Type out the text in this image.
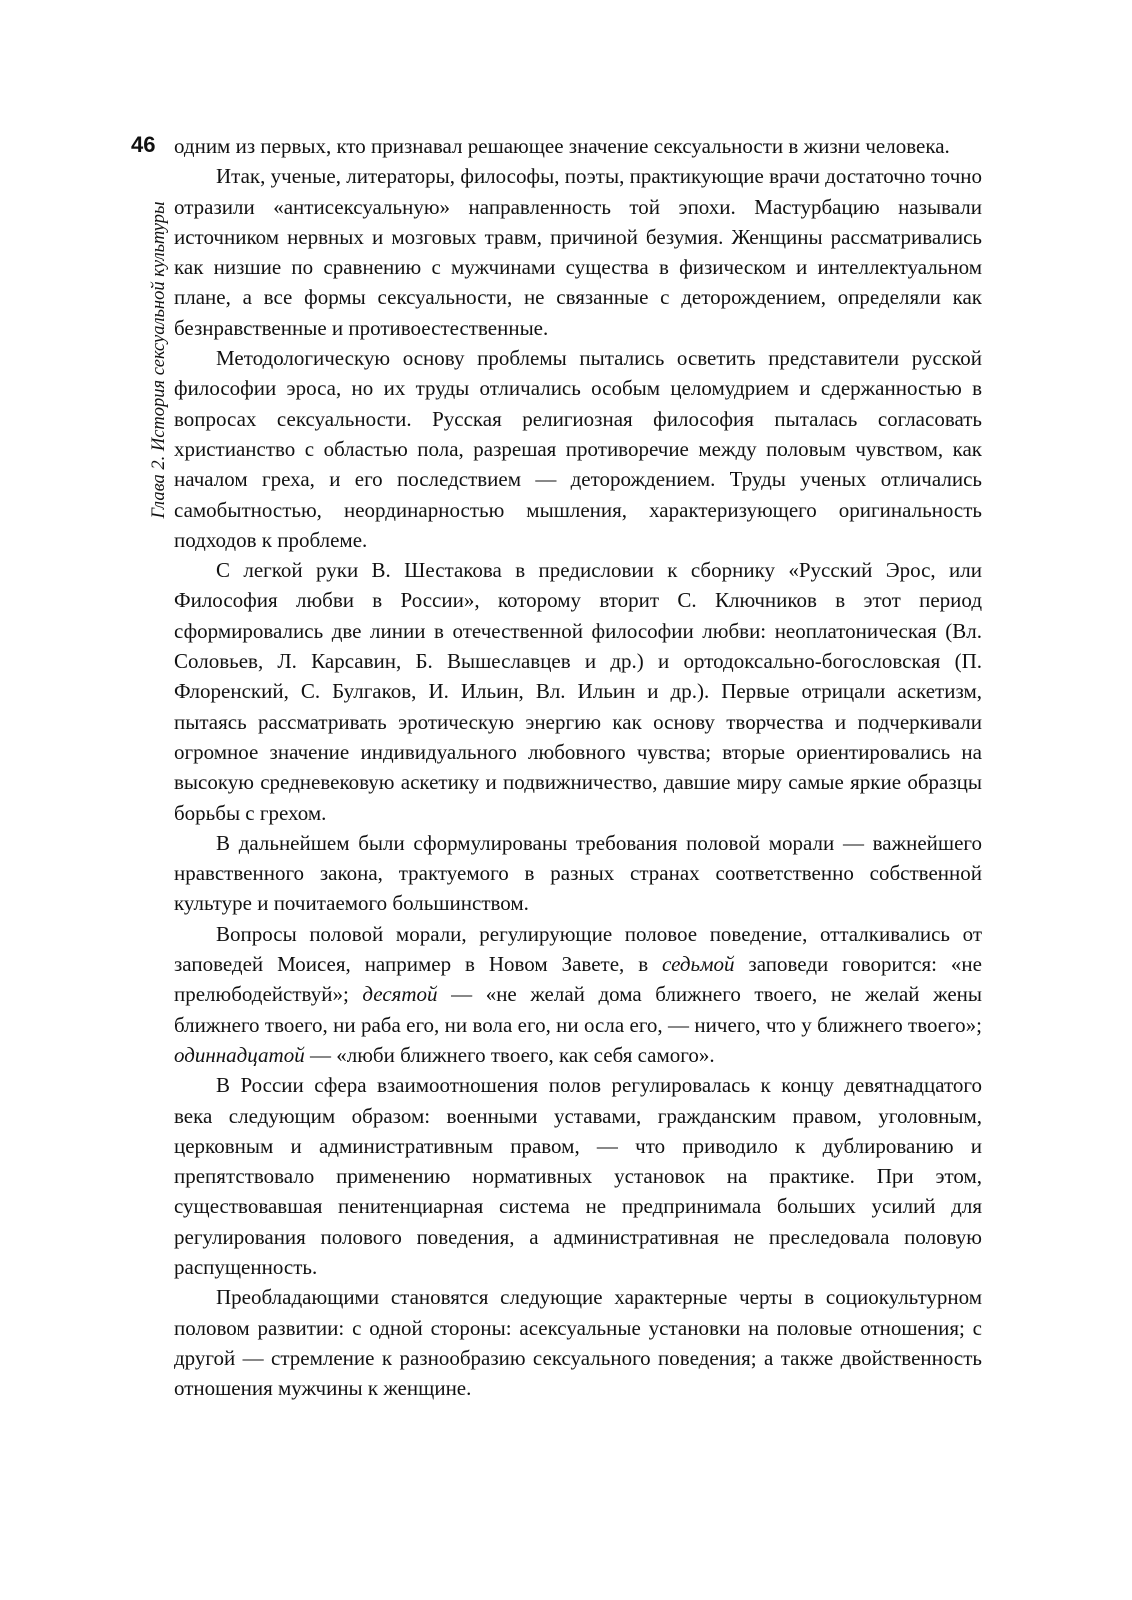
46
Глава 2. История сексуальной культуры

одним из первых, кто признавал решающее значение сексуальности в жизни человека.

Итак, ученые, литераторы, философы, поэты, практикующие врачи достаточно точно отразили «антисексуальную» направленность той эпохи. Мастурбацию называли источником нервных и мозговых травм, причиной безумия. Женщины рассматривались как низшие по сравнению с мужчинами существа в физическом и интеллектуальном плане, а все формы сексуальности, не связанные с деторождением, определяли как безнравственные и противоестественные.

Методологическую основу проблемы пытались осветить представители русской философии эроса, но их труды отличались особым целомудрием и сдержанностью в вопросах сексуальности. Русская религиозная философия пыталась согласовать христианство с областью пола, разрешая противоречие между половым чувством, как началом греха, и его последствием — деторождением. Труды ученых отличались самобытностью, неординарностью мышления, характеризующего оригинальность подходов к проблеме.

С легкой руки В. Шестакова в предисловии к сборнику «Русский Эрос, или Философия любви в России», которому вторит С. Ключников в этот период сформировались две линии в отечественной философии любви: неоплатоническая (Вл. Соловьев, Л. Карсавин, Б. Вышеславцев и др.) и ортодоксально-богословская (П. Флоренский, С. Булгаков, И. Ильин, Вл. Ильин и др.). Первые отрицали аскетизм, пытаясь рассматривать эротическую энергию как основу творчества и подчеркивали огромное значение индивидуального любовного чувства; вторые ориентировались на высокую средневековую аскетику и подвижничество, давшие миру самые яркие образцы борьбы с грехом.

В дальнейшем были сформулированы требования половой морали — важнейшего нравственного закона, трактуемого в разных странах соответственно собственной культуре и почитаемого большинством.

Вопросы половой морали, регулирующие половое поведение, отталкивались от заповедей Моисея, например в Новом Завете, в седьмой заповеди говорится: «не прелюбодействуй»; десятой — «не желай дома ближнего твоего, не желай жены ближнего твоего, ни раба его, ни вола его, ни осла его, — ничего, что у ближнего твоего»; одиннадцатой — «люби ближнего твоего, как себя самого».

В России сфера взаимоотношения полов регулировалась к концу девятнадцатого века следующим образом: военными уставами, гражданским правом, уголовным, церковным и административным правом, — что приводило к дублированию и препятствовало применению нормативных установок на практике. При этом, существовавшая пенитенциарная система не предпринимала больших усилий для регулирования полового поведения, а административная не преследовала половую распущенность.

Преобладающими становятся следующие характерные черты в социокультурном половом развитии: с одной стороны: асексуальные установки на половые отношения; с другой — стремление к разнообразию сексуального поведения; а также двойственность отношения мужчины к женщине.
